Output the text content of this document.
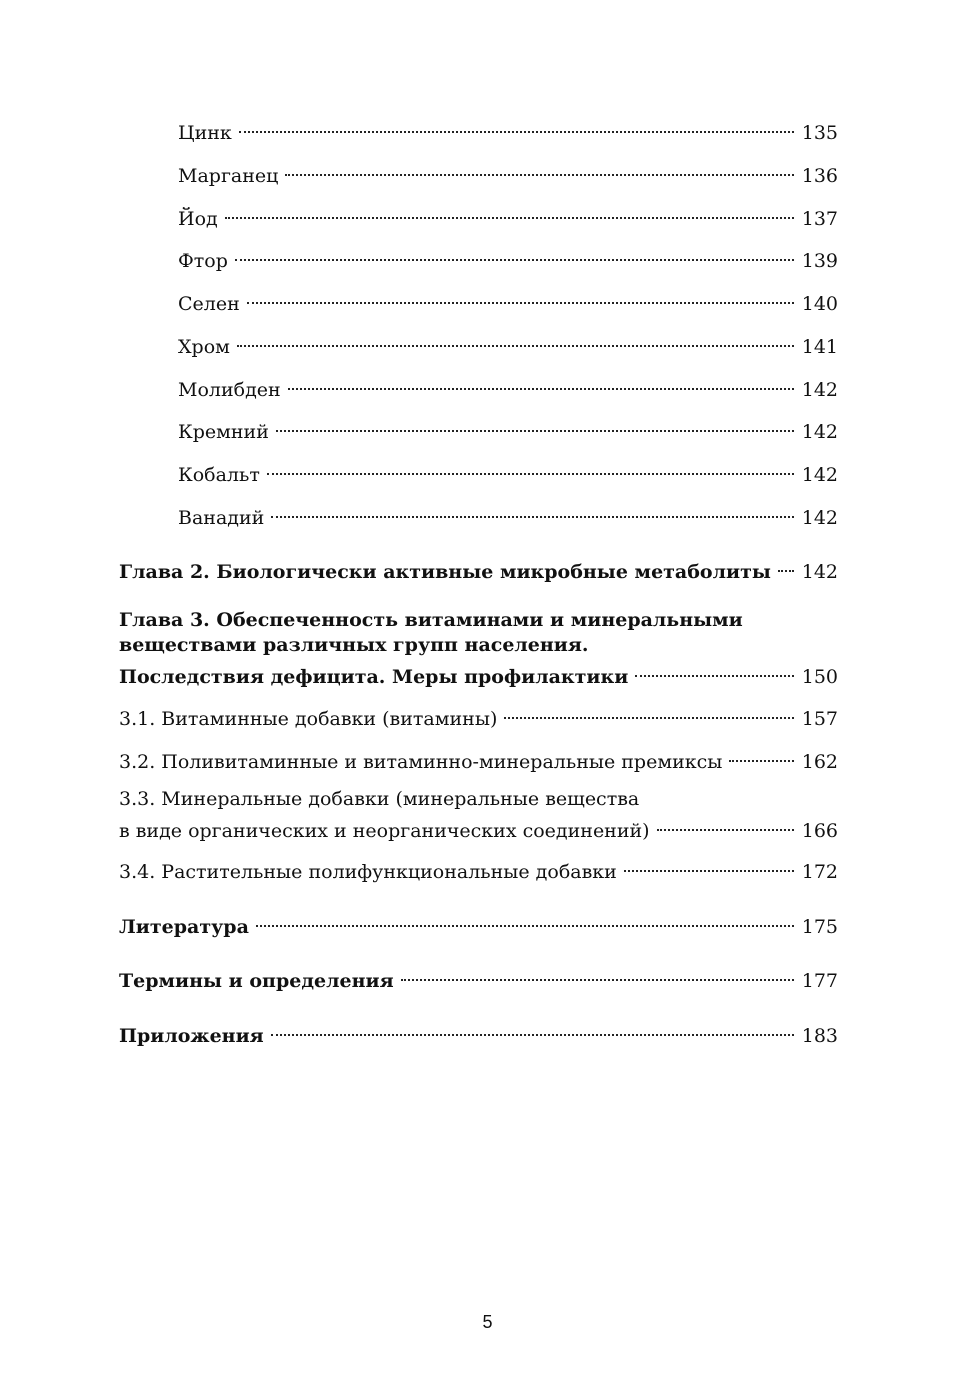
Цинк	135
Марганец	136
Йод	137
Фтор	139
Селен	140
Хром	141
Молибден	142
Кремний	142
Кобальт	142
Ванадий	142
Глава 2. Биологически активные микробные метаболиты 142
Глава 3. Обеспеченность витаминами и минеральными
веществами различных групп населения.
Последствия дефицита. Меры профилактики	150
3.1. Витаминные добавки (витамины)	157
3.2. Поливитаминные и витаминно-минеральные премиксы	162
3.3. Минеральные добавки (минеральные вещества
в виде органических и неорганических соединений)	166
3.4. Растительные полифункциональные добавки	172
Литература	175
Термины и определения	177
Приложения	183
5
